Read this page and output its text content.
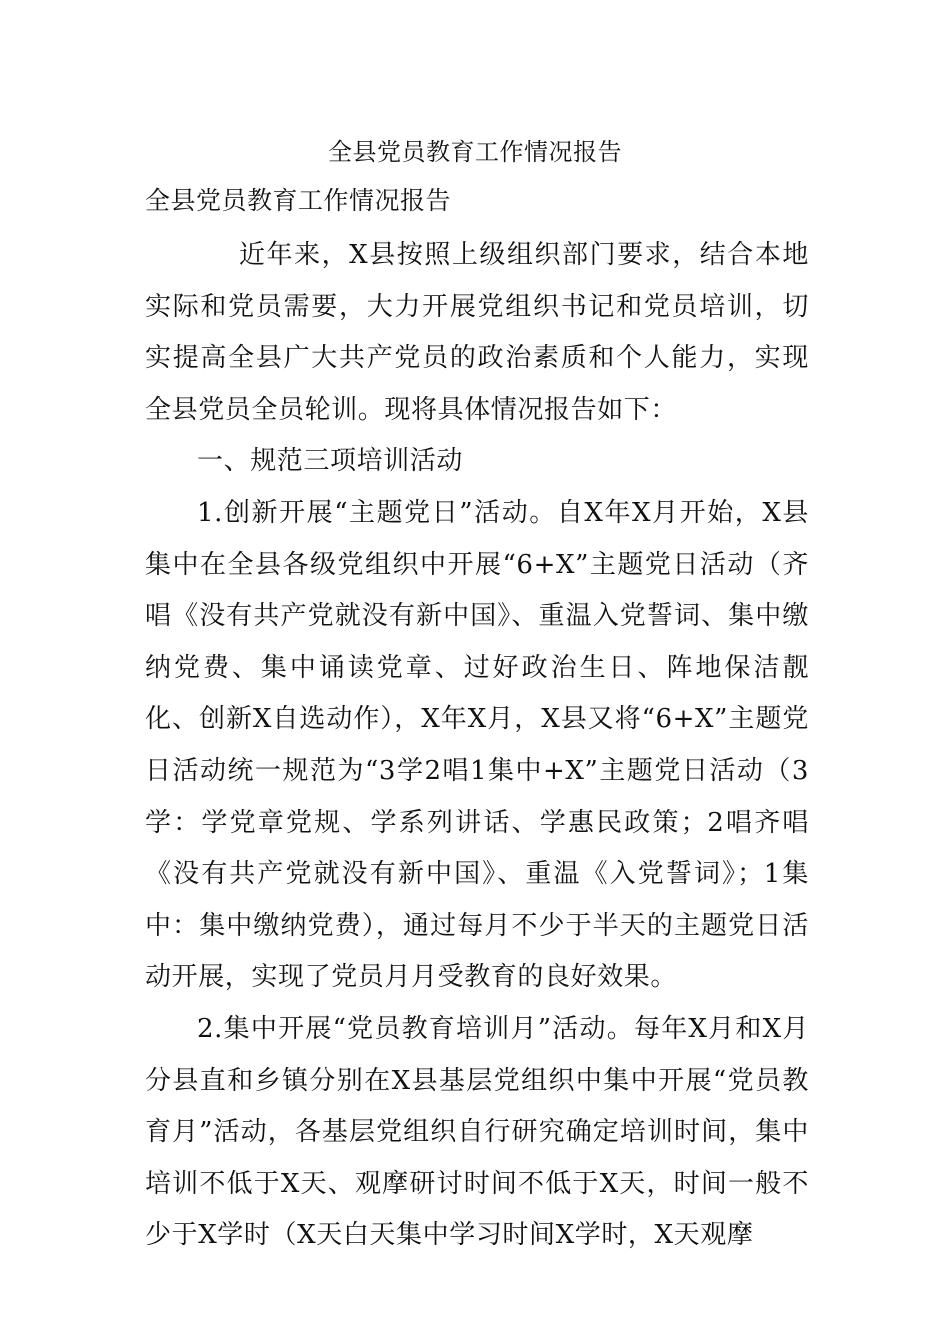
全县党员教育工作情况报告
全县党员教育工作情况报告

近年来，X县按照上级组织部门要求，结合本地实际和党员需要，大力开展党组织书记和党员培训，切实提高全县广大共产党员的政治素质和个人能力，实现全县党员全员轮训。现将具体情况报告如下：

一、规范三项培训活动

1.创新开展“主题党日”活动。自X年X月开始，X县集中在全县各级党组织中开展“6+X”主题党日活动（齐唱《没有共产党就没有新中国》、重温入党誓词、集中缴纳党费、集中诵读党章、过好政治生日、阵地保洁靓化、创新X自选动作），X年X月，X县又将“6+X”主题党日活动统一规范为“3学2唱1集中+X”主题党日活动（3学：学党章党规、学系列讲话、学惠民政策；2唱齐唱《没有共产党就没有新中国》、重温《入党誓词》；1集中：集中缴纳党费），通过每月不少于半天的主题党日活动开展，实现了党员月月受教育的良好效果。

2.集中开展“党员教育培训月”活动。每年X月和X月分县直和乡镇分别在X县基层党组织中集中开展“党员教育月”活动，各基层党组织自行研究确定培训时间，集中培训不低于X天、观摩研讨时间不低于X天，时间一般不少于X学时（X天白天集中学习时间X学时，X天观摩
